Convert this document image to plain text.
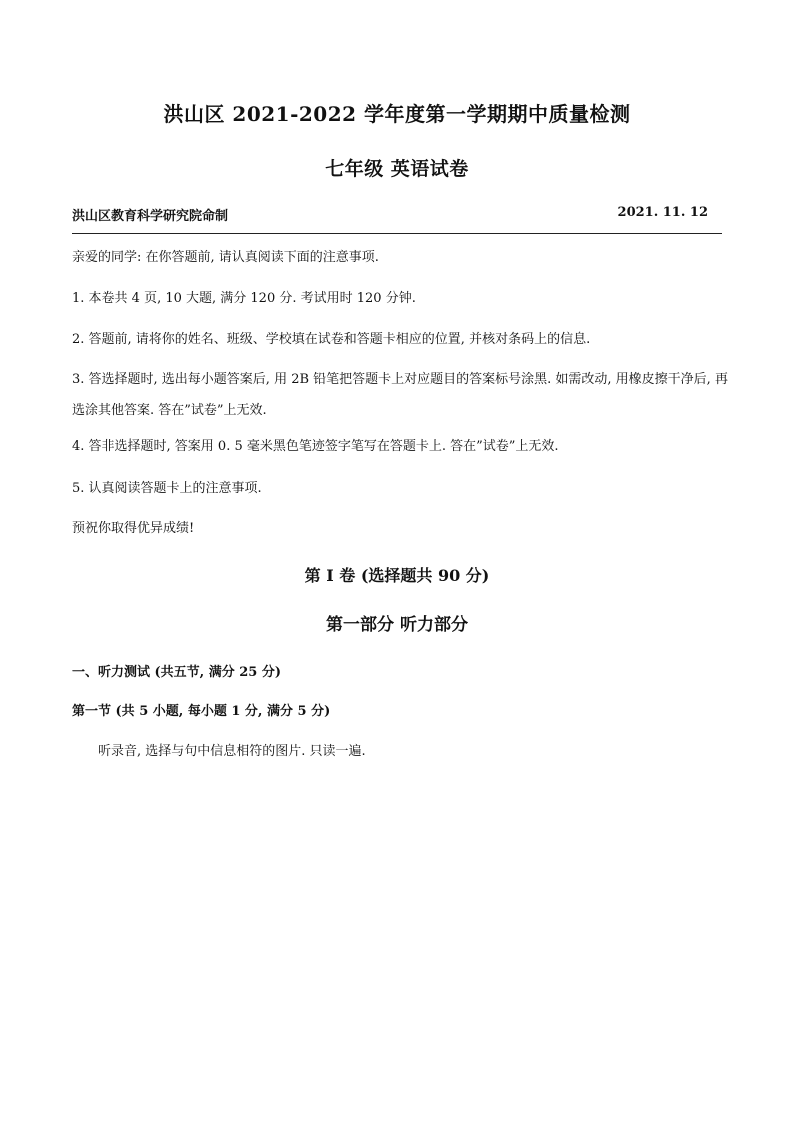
洪山区 2021-2022 学年度第一学期期中质量检测
七年级 英语试卷
洪山区教育科学研究院命制	2021. 11. 12
亲爱的同学: 在你答题前, 请认真阅读下面的注意事项.
1. 本卷共 4 页, 10 大题, 满分 120 分. 考试用时 120 分钟.
2. 答题前, 请将你的姓名、班级、学校填在试卷和答题卡相应的位置, 并核对条码上的信息.
3. 答选择题时, 选出每小题答案后, 用 2B 铅笔把答题卡上对应题目的答案标号涂黑. 如需改动, 用橡皮擦干净后, 再选涂其他答案. 答在”试卷”上无效.
4. 答非选择题时, 答案用 0. 5 毫米黑色笔迹签字笔写在答题卡上. 答在”试卷”上无效.
5. 认真阅读答题卡上的注意事项.
预祝你取得优异成绩!
第 I 卷 (选择题共 90 分)
第一部分 听力部分
一、听力测试 (共五节, 满分 25 分)
第一节 (共 5 小题, 每小题 1 分, 满分 5 分)
听录音, 选择与句中信息相符的图片. 只读一遍.
